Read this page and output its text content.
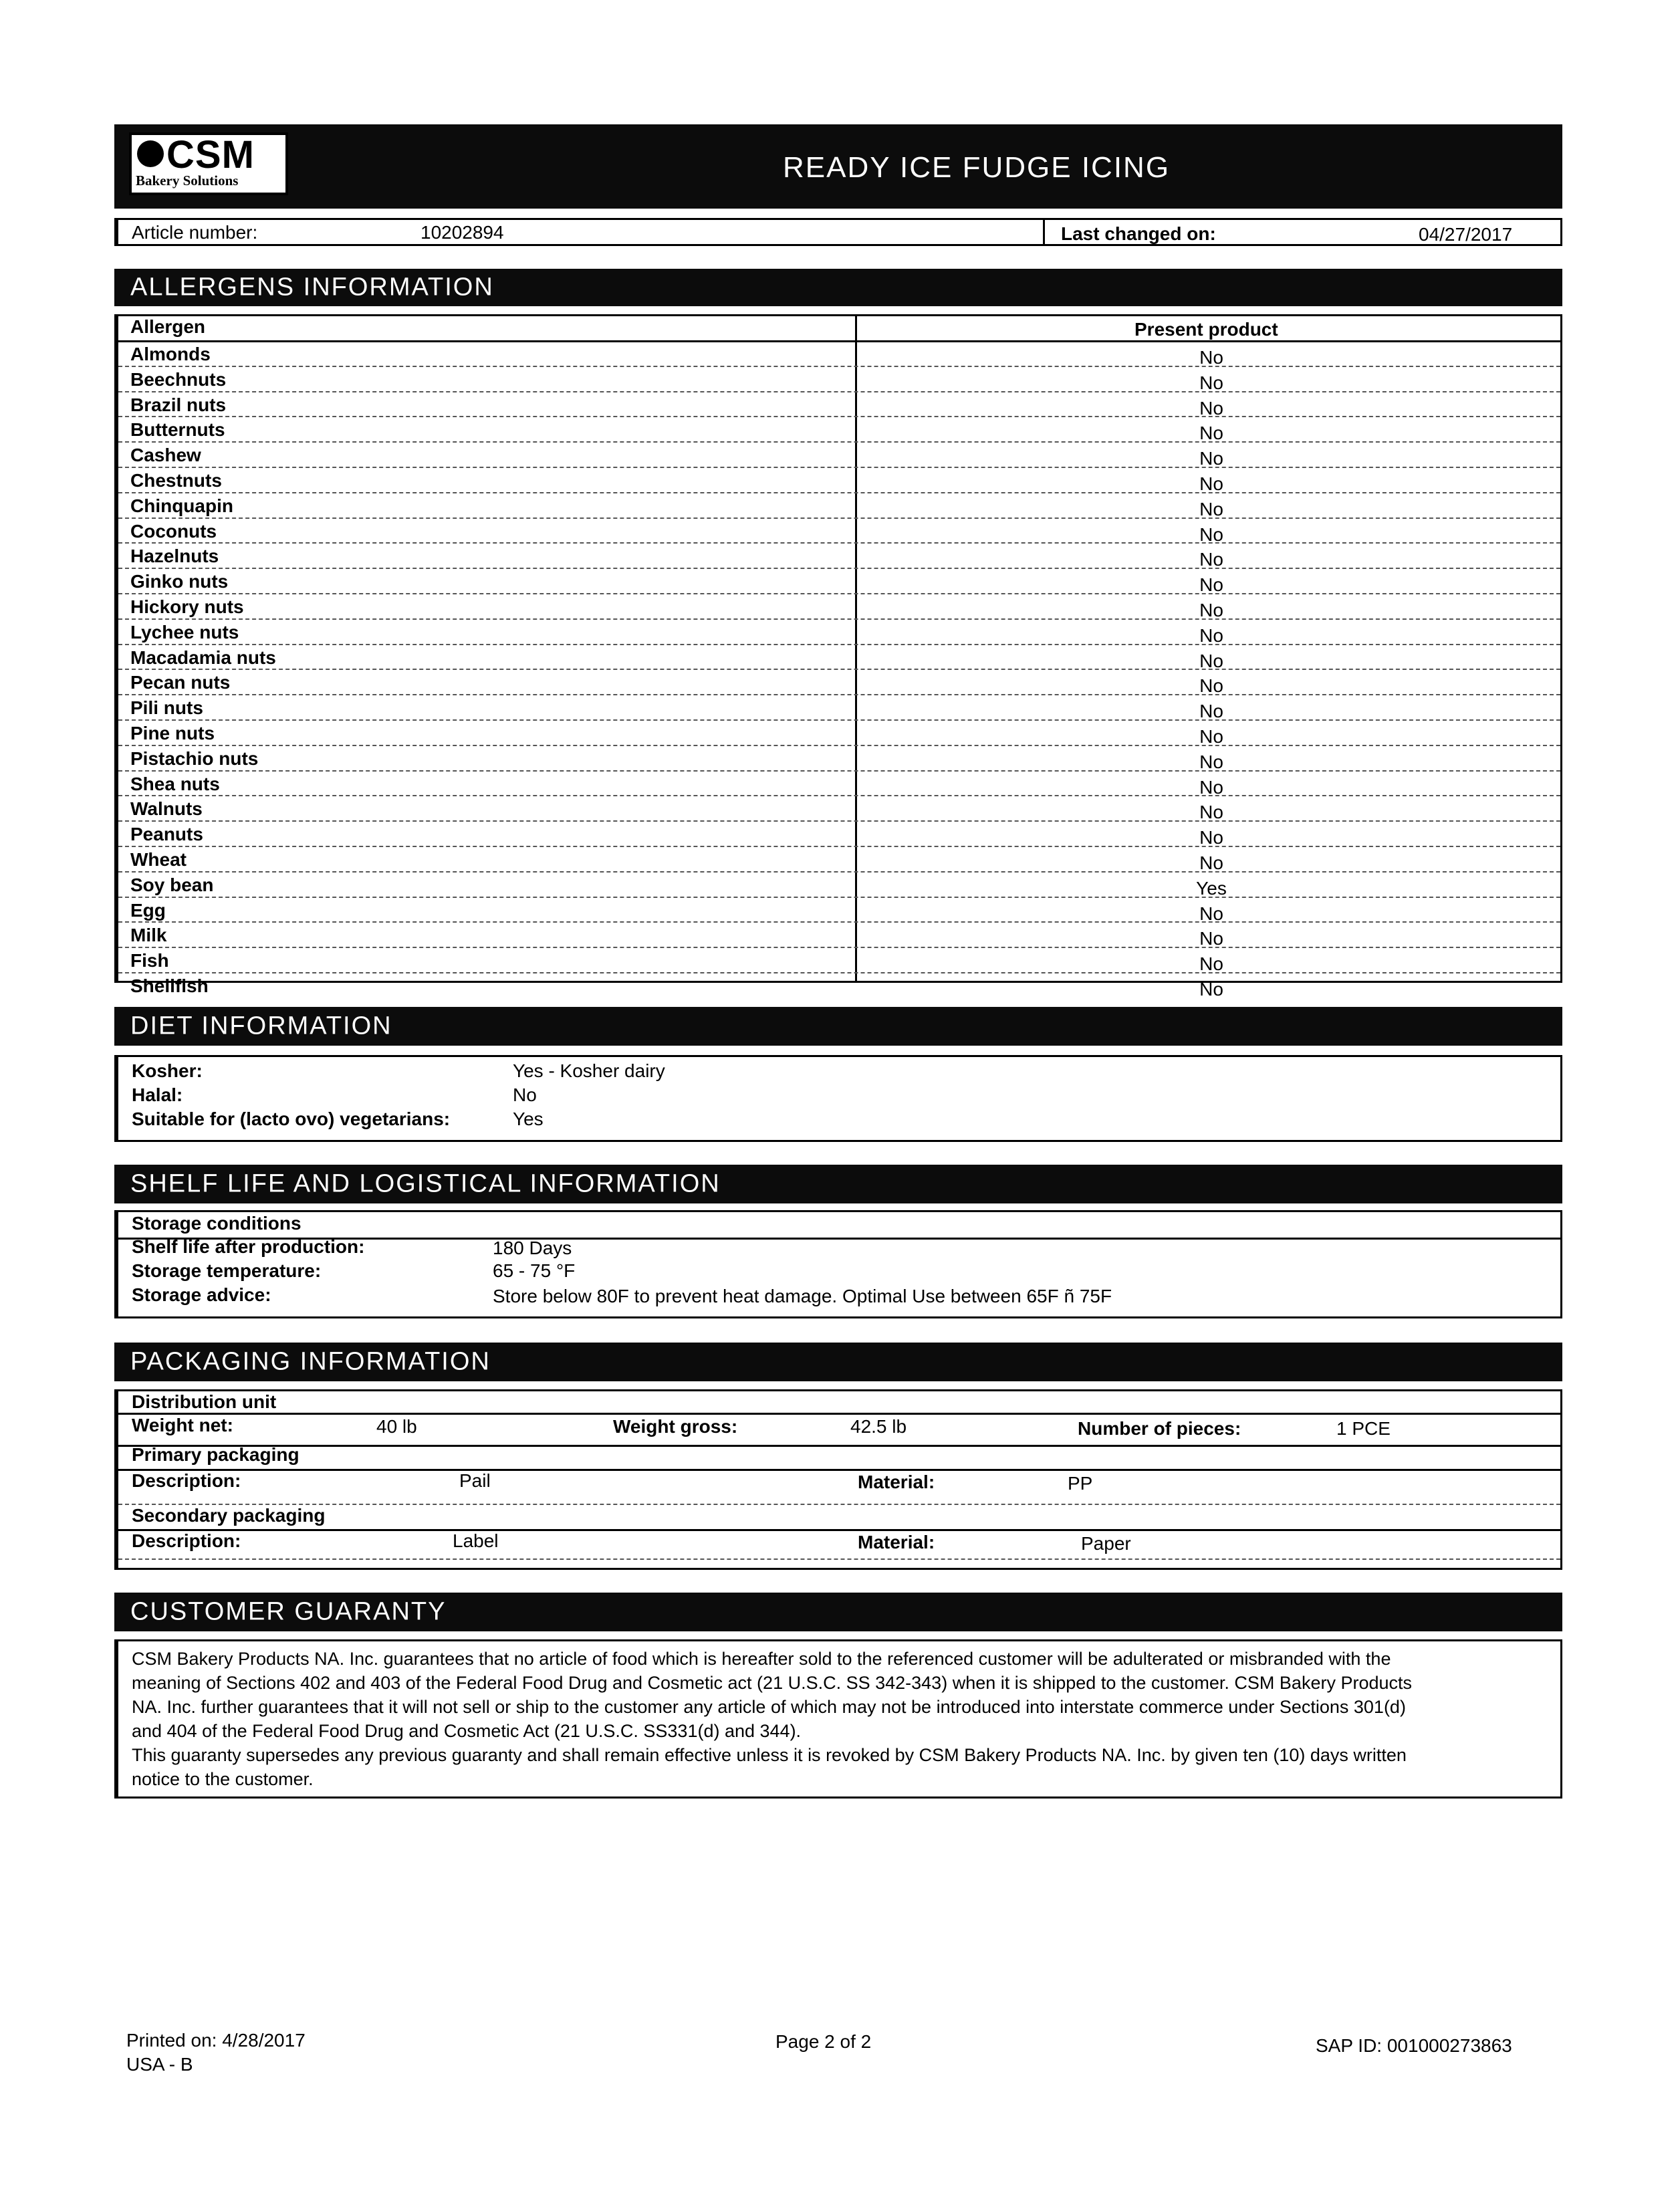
CSM
Bakery Solutions	READY ICE FUDGE ICING
Article number:	10202894	Last changed on:	04/27/2017
ALLERGENS INFORMATION
Allergen	Present product
Almonds	No
Beechnuts	No
Brazil nuts	No
Butternuts	No
Cashew	No
Chestnuts	No
Chinquapin	No
Coconuts	No
Hazelnuts	No
Ginko nuts	No
Hickory nuts	No
Lychee nuts	No
Macadamia nuts	No
Pecan nuts	No
Pili nuts	No
Pine nuts	No
Pistachio nuts	No
Shea nuts	No
Walnuts	No
Peanuts	No
Wheat	No
Soy bean	Yes
Egg	No
Milk	No
Fish	No
Shellfish	No
DIET INFORMATION
Kosher:	Yes - Kosher dairy
Halal:	No
Suitable for (lacto ovo) vegetarians:	Yes
SHELF LIFE AND LOGISTICAL INFORMATION
Storage conditions
Shelf life after production:	180 Days
Storage temperature:	65 - 75 °F
Storage advice:	Store below 80F to prevent heat damage. Optimal Use between 65F ñ 75F
PACKAGING INFORMATION
Distribution unit
Weight net:	40 lb	Weight gross:	42.5 lb	Number of pieces:	1 PCE
Primary packaging
Description:	Pail	Material:	PP
Secondary packaging
Description:	Label	Material:	Paper
CUSTOMER GUARANTY
CSM Bakery Products NA. Inc. guarantees that no article of food which is hereafter sold to the referenced customer will be adulterated or misbranded with the
meaning of Sections 402 and 403 of the Federal Food Drug and Cosmetic act (21 U.S.C. SS 342-343) when it is shipped to the customer. CSM Bakery Products
NA. Inc. further guarantees that it will not sell or ship to the customer any article of which may not be introduced into interstate commerce under Sections 301(d)
and 404 of the Federal Food Drug and Cosmetic Act (21 U.S.C. SS331(d) and 344).
This guaranty supersedes any previous guaranty and shall remain effective unless it is revoked by CSM Bakery Products NA. Inc. by given ten (10) days written
notice to the customer.
Printed on: 4/28/2017
USA - B
Page 2 of 2	SAP ID: 001000273863
